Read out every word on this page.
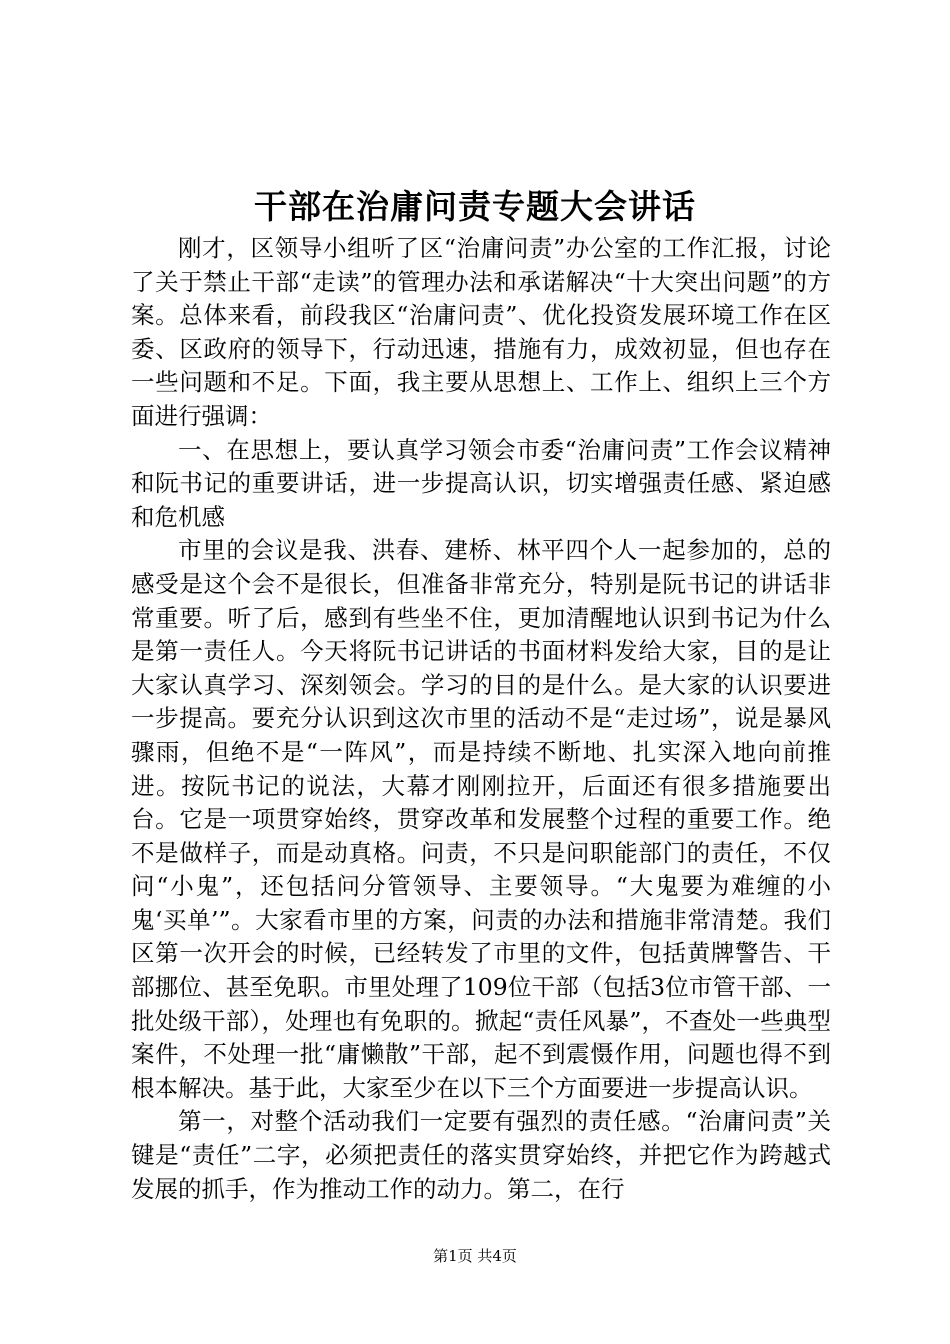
干部在治庸问责专题大会讲话

刚才，区领导小组听了区“治庸问责”办公室的工作汇报，讨论了关于禁止干部“走读”的管理办法和承诺解决“十大突出问题”的方案。总体来看，前段我区“治庸问责”、优化投资发展环境工作在区委、区政府的领导下，行动迅速，措施有力，成效初显，但也存在一些问题和不足。下面，我主要从思想上、工作上、组织上三个方面进行强调：

一、在思想上，要认真学习领会市委“治庸问责”工作会议精神和阮书记的重要讲话，进一步提高认识，切实增强责任感、紧迫感和危机感

市里的会议是我、洪春、建桥、林平四个人一起参加的，总的感受是这个会不是很长，但准备非常充分，特别是阮书记的讲话非常重要。听了后，感到有些坐不住，更加清醒地认识到书记为什么是第一责任人。今天将阮书记讲话的书面材料发给大家，目的是让大家认真学习、深刻领会。学习的目的是什么。是大家的认识要进一步提高。要充分认识到这次市里的活动不是“走过场”，说是暴风骤雨，但绝不是“一阵风”，而是持续不断地、扎实深入地向前推进。按阮书记的说法，大幕才刚刚拉开，后面还有很多措施要出台。它是一项贯穿始终，贯穿改革和发展整个过程的重要工作。绝不是做样子，而是动真格。问责，不只是问职能部门的责任，不仅问“小鬼”，还包括问分管领导、主要领导。“大鬼要为难缠的小鬼‘买单’”。大家看市里的方案，问责的办法和措施非常清楚。我们区第一次开会的时候，已经转发了市里的文件，包括黄牌警告、干部挪位、甚至免职。市里处理了109位干部（包括3位市管干部、一批处级干部），处理也有免职的。掀起“责任风暴”，不查处一些典型案件，不处理一批“庸懒散”干部，起不到震慑作用，问题也得不到根本解决。基于此，大家至少在以下三个方面要进一步提高认识。

第一，对整个活动我们一定要有强烈的责任感。“治庸问责”关键是“责任”二字，必须把责任的落实贯穿始终，并把它作为跨越式发展的抓手，作为推动工作的动力。第二，在行

第1页 共4页
